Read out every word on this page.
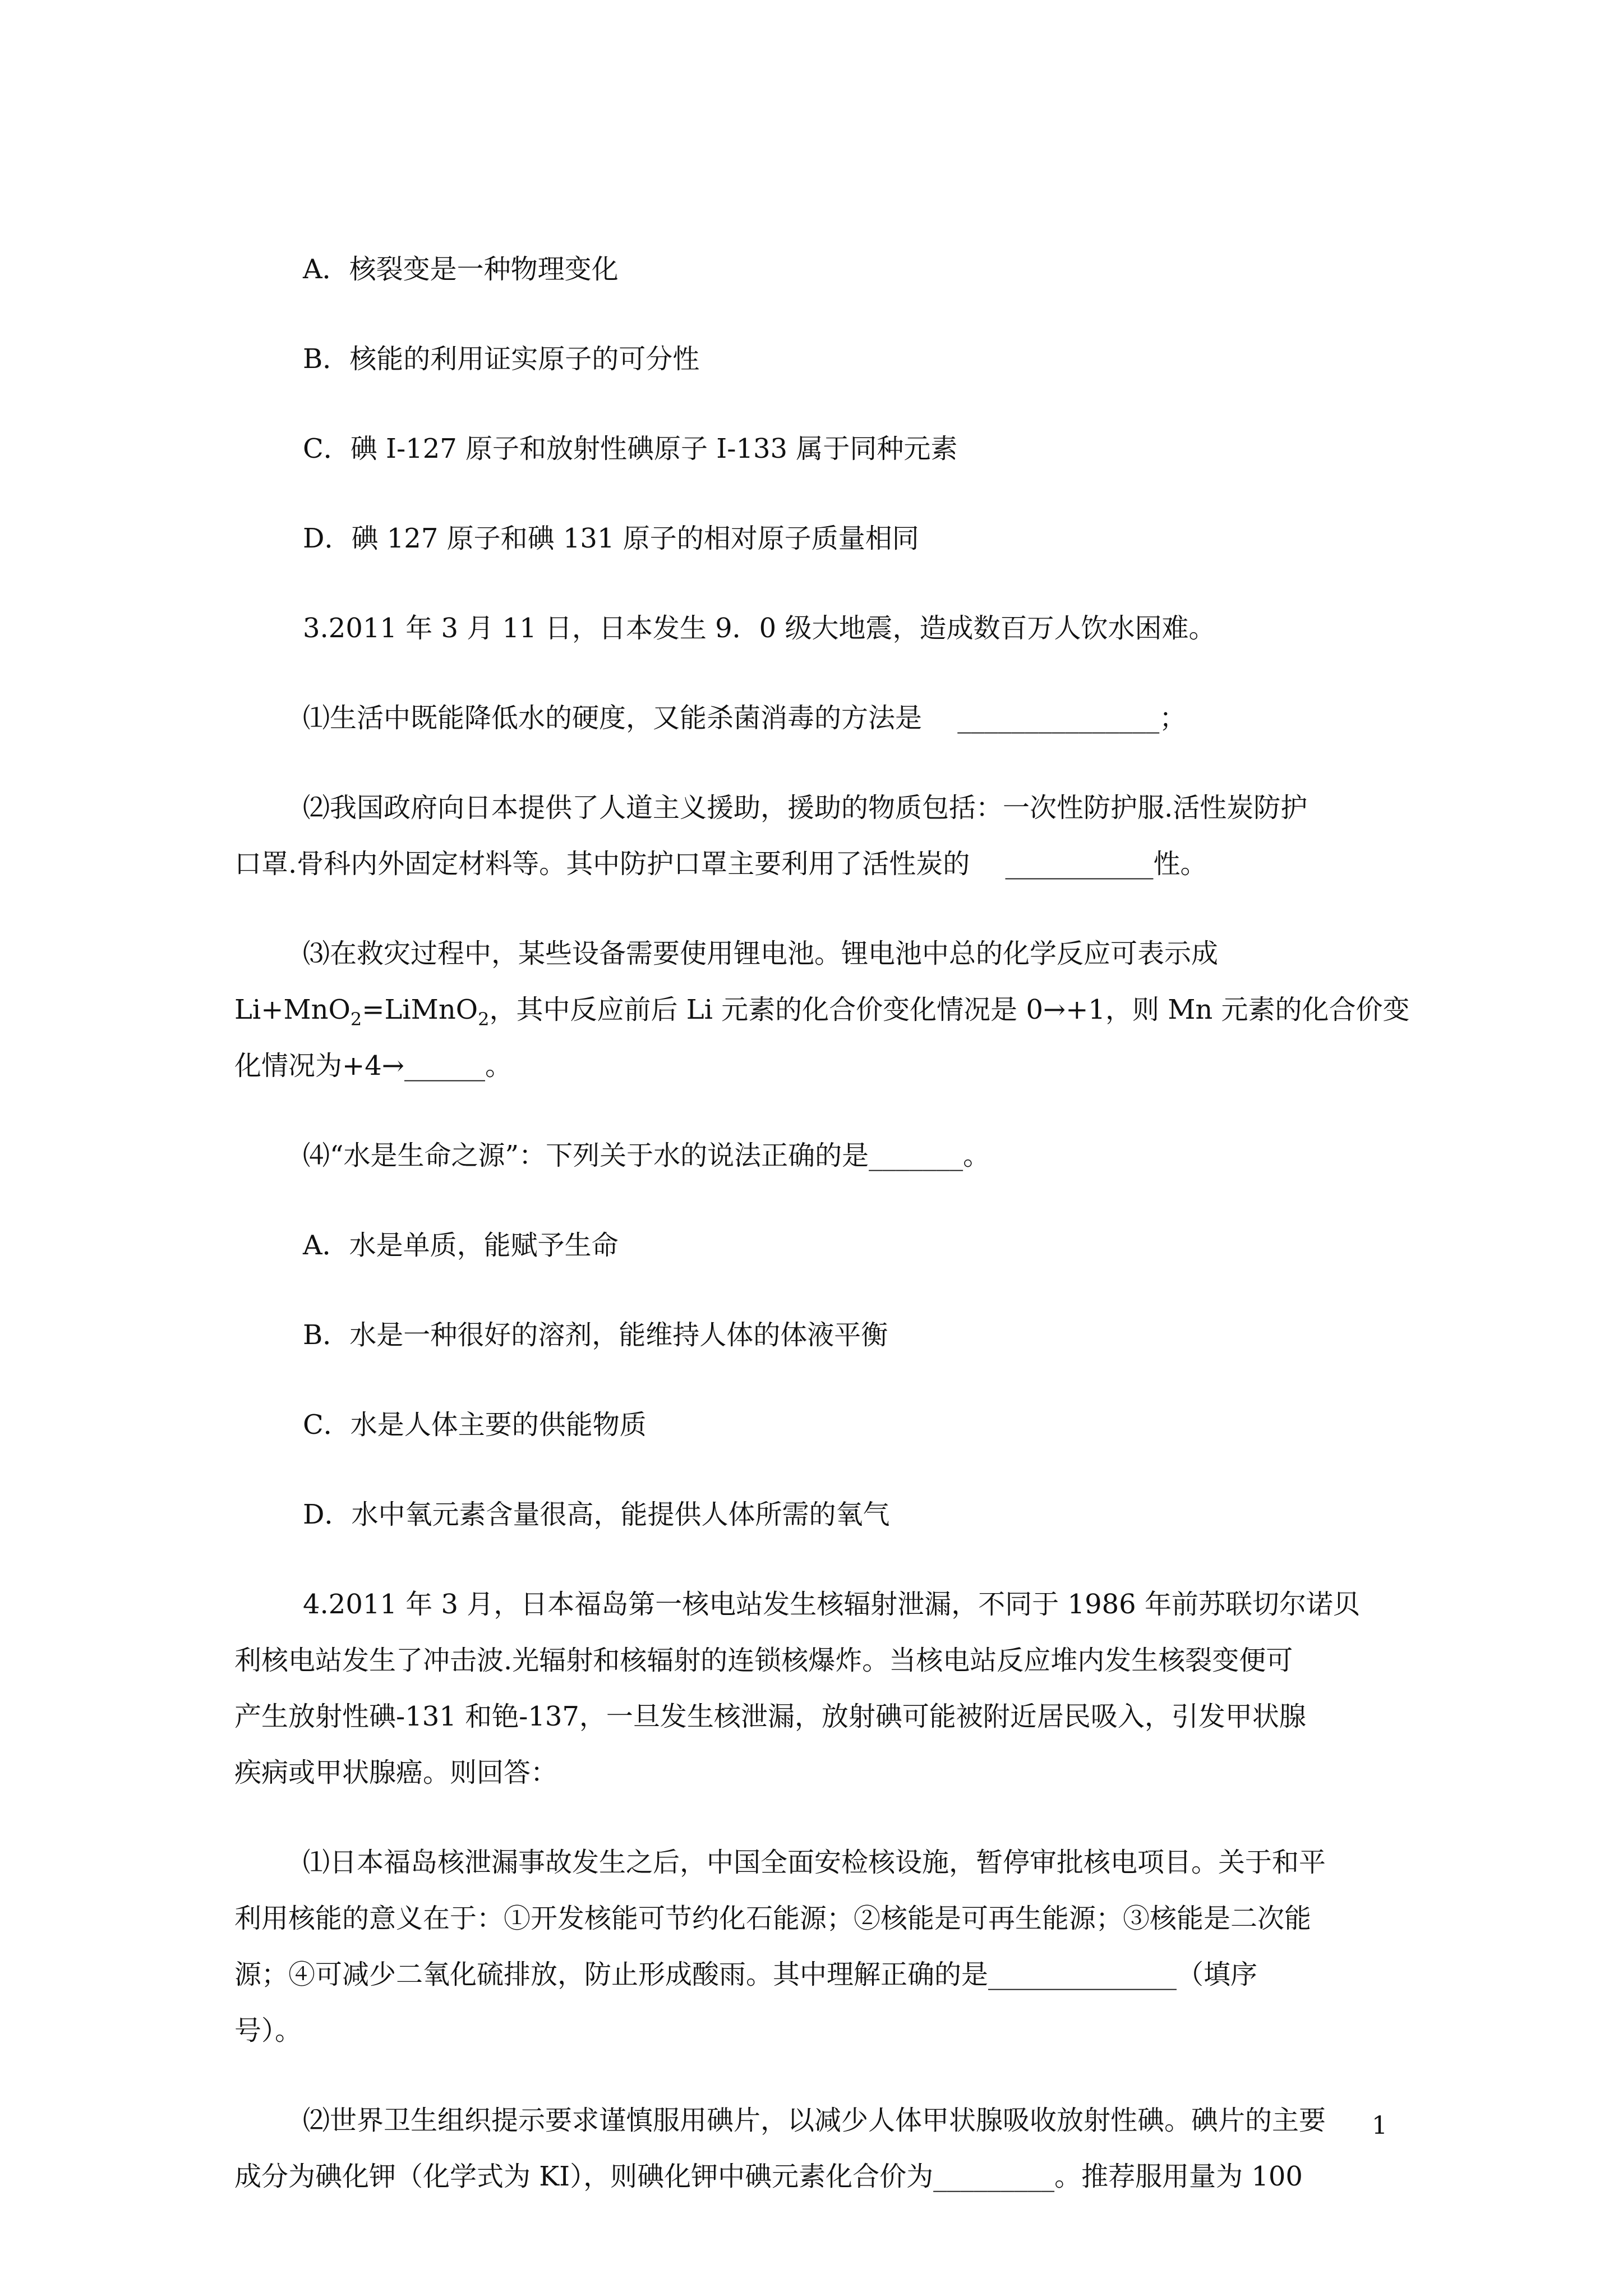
A．核裂变是一种物理变化
B．核能的利用证实原子的可分性
C．碘 I-127 原子和放射性碘原子 I-133 属于同种元素
D．碘 127 原子和碘 131 原子的相对原子质量相同
3.2011 年 3 月 11 日，日本发生 9．0 级大地震，造成数百万人饮水困难。
⑴生活中既能降低水的硬度，又能杀菌消毒的方法是　 _______________；
⑵我国政府向日本提供了人道主义援助，援助的物质包括：一次性防护服.活性炭防护
口罩.骨科内外固定材料等。其中防护口罩主要利用了活性炭的　 ___________性。
⑶在救灾过程中，某些设备需要使用锂电池。锂电池中总的化学反应可表示成
Li+MnO$_2$=LiMnO$_2$，其中反应前后 Li 元素的化合价变化情况是 0→+1，则 Mn 元素的化合价变
化情况为+4→______。
⑷“水是生命之源”：下列关于水的说法正确的是_______。
A．水是单质，能赋予生命
B．水是一种很好的溶剂，能维持人体的体液平衡
C．水是人体主要的供能物质
D．水中氧元素含量很高，能提供人体所需的氧气
4.2011 年 3 月，日本福岛第一核电站发生核辐射泄漏，不同于 1986 年前苏联切尔诺贝
利核电站发生了冲击波.光辐射和核辐射的连锁核爆炸。当核电站反应堆内发生核裂变便可
产生放射性碘-131 和铯-137，一旦发生核泄漏，放射碘可能被附近居民吸入，引发甲状腺
疾病或甲状腺癌。则回答：
⑴日本福岛核泄漏事故发生之后，中国全面安检核设施，暂停审批核电项目。关于和平
利用核能的意义在于：①开发核能可节约化石能源；②核能是可再生能源；③核能是二次能
源；④可减少二氧化硫排放，防止形成酸雨。其中理解正确的是______________（填序
号）。
⑵世界卫生组织提示要求谨慎服用碘片，以减少人体甲状腺吸收放射性碘。碘片的主要
成分为碘化钾（化学式为 KI），则碘化钾中碘元素化合价为_________。推荐服用量为 100
1
